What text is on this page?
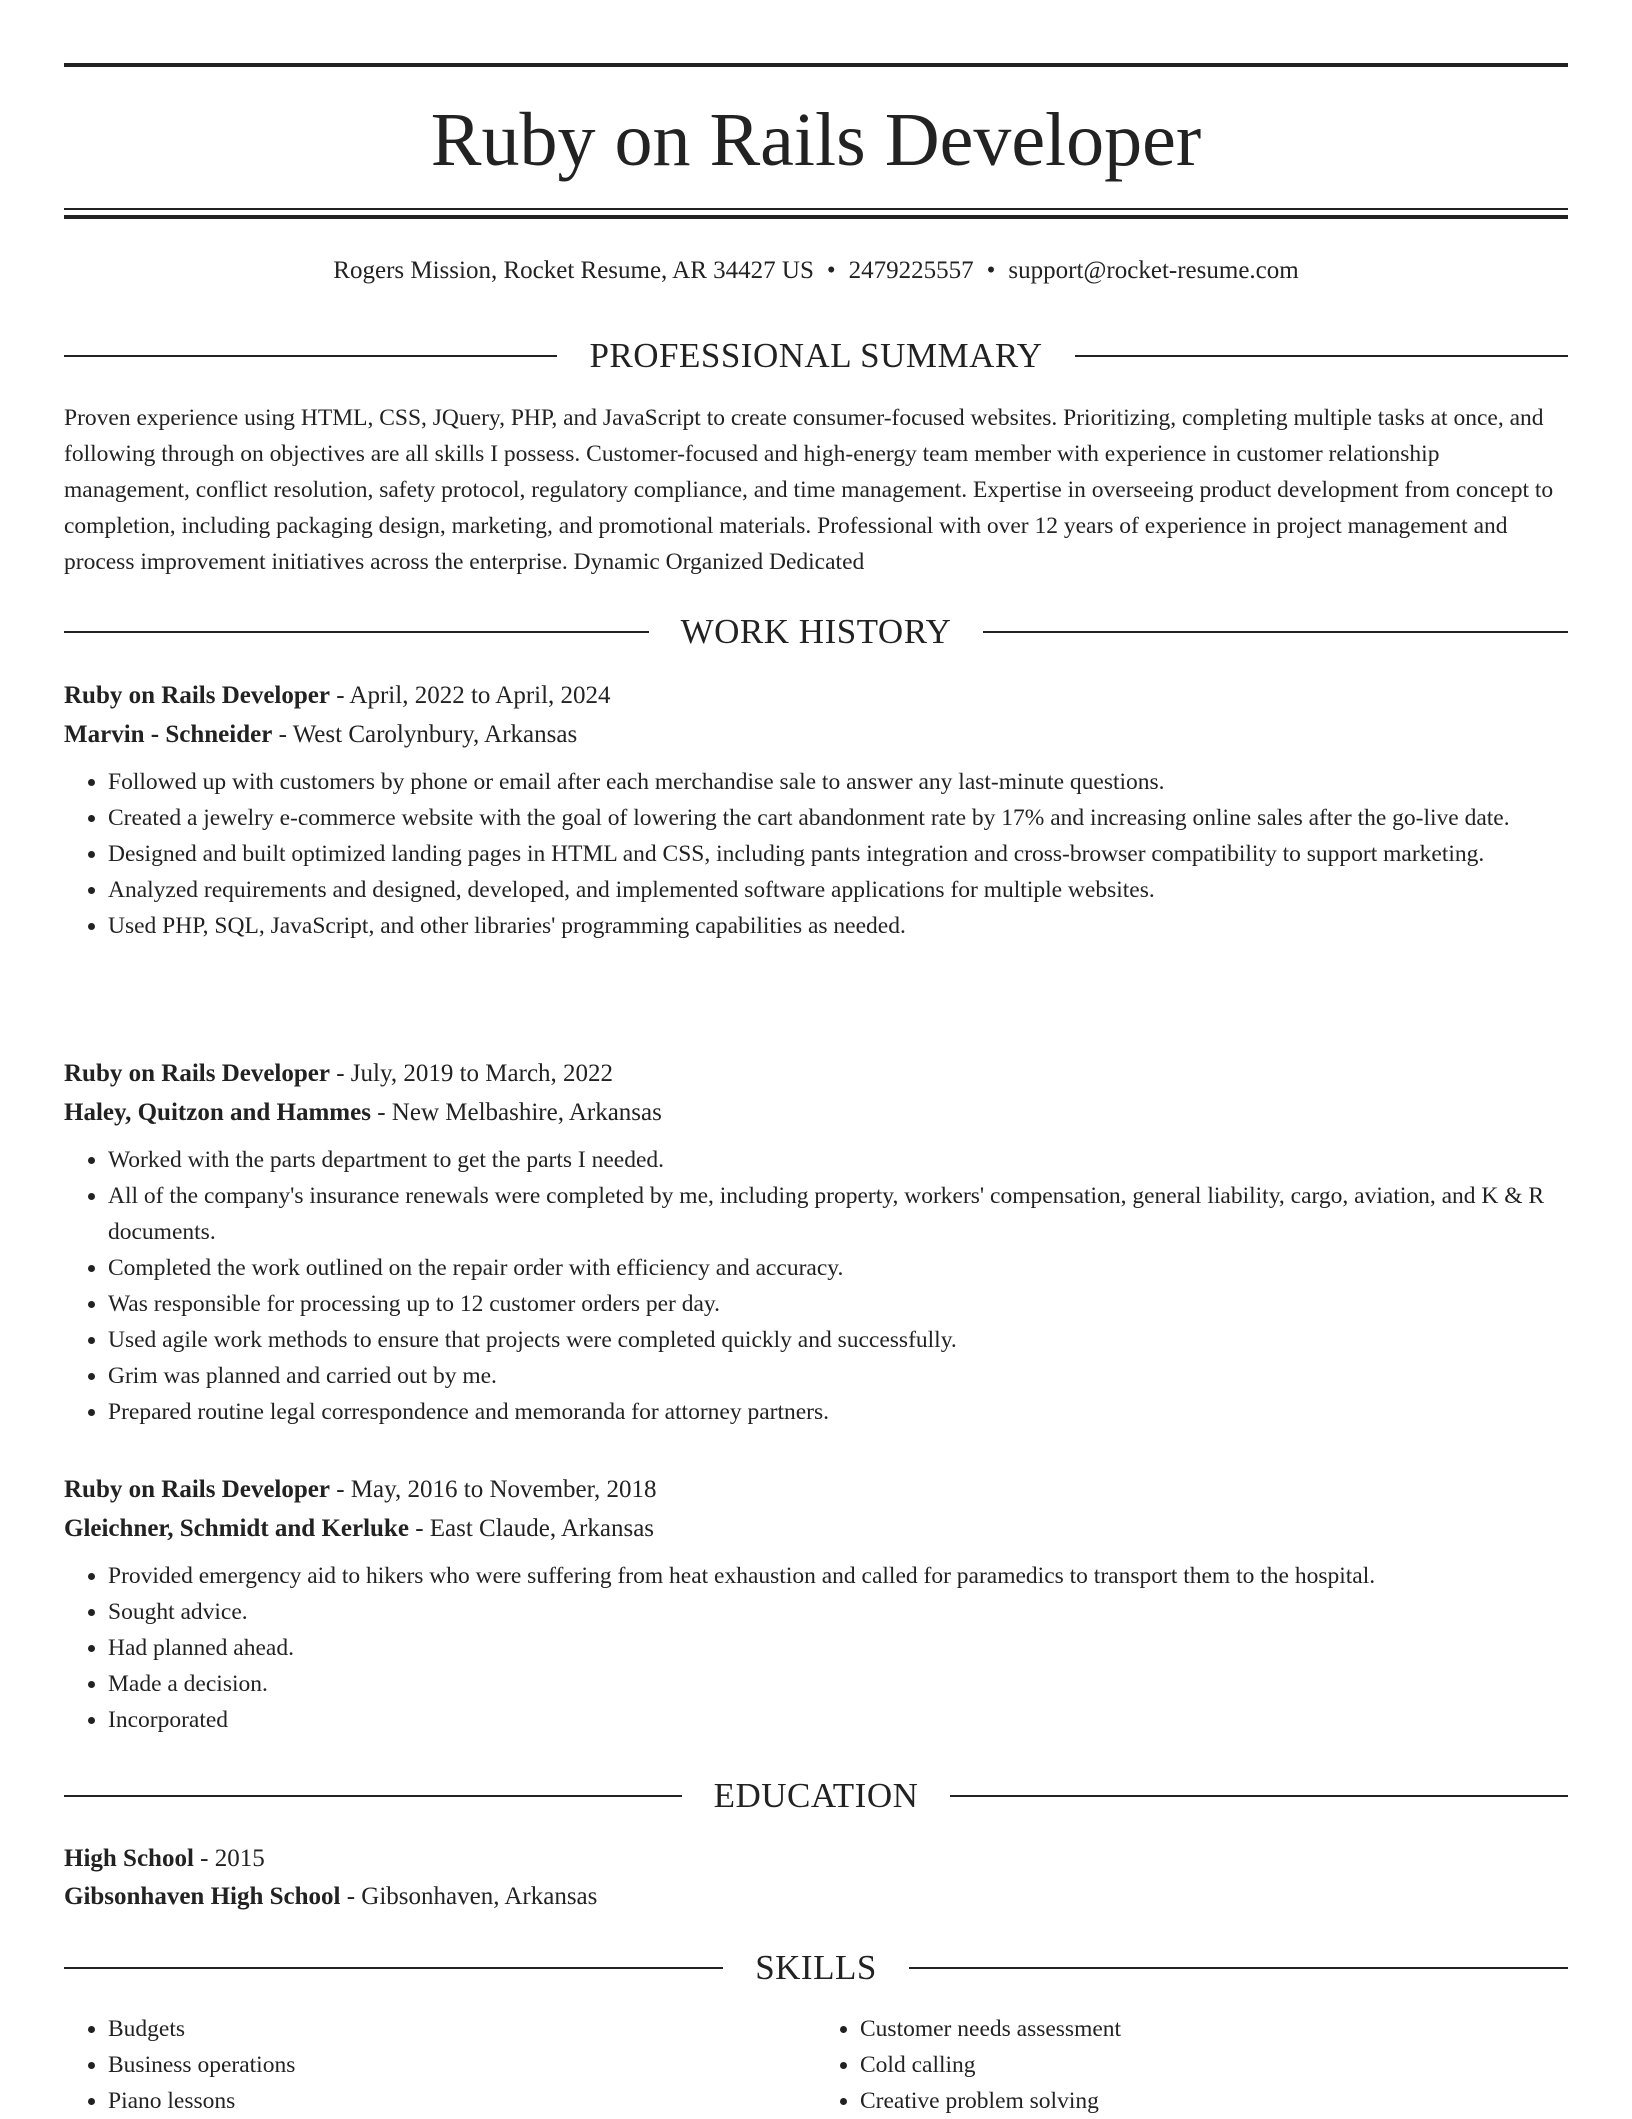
Ruby on Rails Developer
Rogers Mission, Rocket Resume, AR 34427 US • 2479225557 • support@rocket-resume.com
PROFESSIONAL SUMMARY
Proven experience using HTML, CSS, JQuery, PHP, and JavaScript to create consumer-focused websites. Prioritizing, completing multiple tasks at once, and following through on objectives are all skills I possess. Customer-focused and high-energy team member with experience in customer relationship management, conflict resolution, safety protocol, regulatory compliance, and time management. Expertise in overseeing product development from concept to completion, including packaging design, marketing, and promotional materials. Professional with over 12 years of experience in project management and process improvement initiatives across the enterprise. Dynamic Organized Dedicated
WORK HISTORY
Ruby on Rails Developer - April, 2022 to April, 2024
Marvin - Schneider - West Carolynbury, Arkansas
• Followed up with customers by phone or email after each merchandise sale to answer any last-minute questions.
• Created a jewelry e-commerce website with the goal of lowering the cart abandonment rate by 17% and increasing online sales after the go-live date.
• Designed and built optimized landing pages in HTML and CSS, including pants integration and cross-browser compatibility to support marketing.
• Analyzed requirements and designed, developed, and implemented software applications for multiple websites.
• Used PHP, SQL, JavaScript, and other libraries' programming capabilities as needed.
Ruby on Rails Developer - July, 2019 to March, 2022
Haley, Quitzon and Hammes - New Melbashire, Arkansas
• Worked with the parts department to get the parts I needed.
• All of the company's insurance renewals were completed by me, including property, workers' compensation, general liability, cargo, aviation, and K & R documents.
• Completed the work outlined on the repair order with efficiency and accuracy.
• Was responsible for processing up to 12 customer orders per day.
• Used agile work methods to ensure that projects were completed quickly and successfully.
• Grim was planned and carried out by me.
• Prepared routine legal correspondence and memoranda for attorney partners.
Ruby on Rails Developer - May, 2016 to November, 2018
Gleichner, Schmidt and Kerluke - East Claude, Arkansas
• Provided emergency aid to hikers who were suffering from heat exhaustion and called for paramedics to transport them to the hospital.
• Sought advice.
• Had planned ahead.
• Made a decision.
• Incorporated
EDUCATION
High School - 2015
Gibsonhaven High School - Gibsonhaven, Arkansas
SKILLS
• Budgets
• Business operations
• Piano lessons
• Customer needs assessment
• Cold calling
• Creative problem solving
